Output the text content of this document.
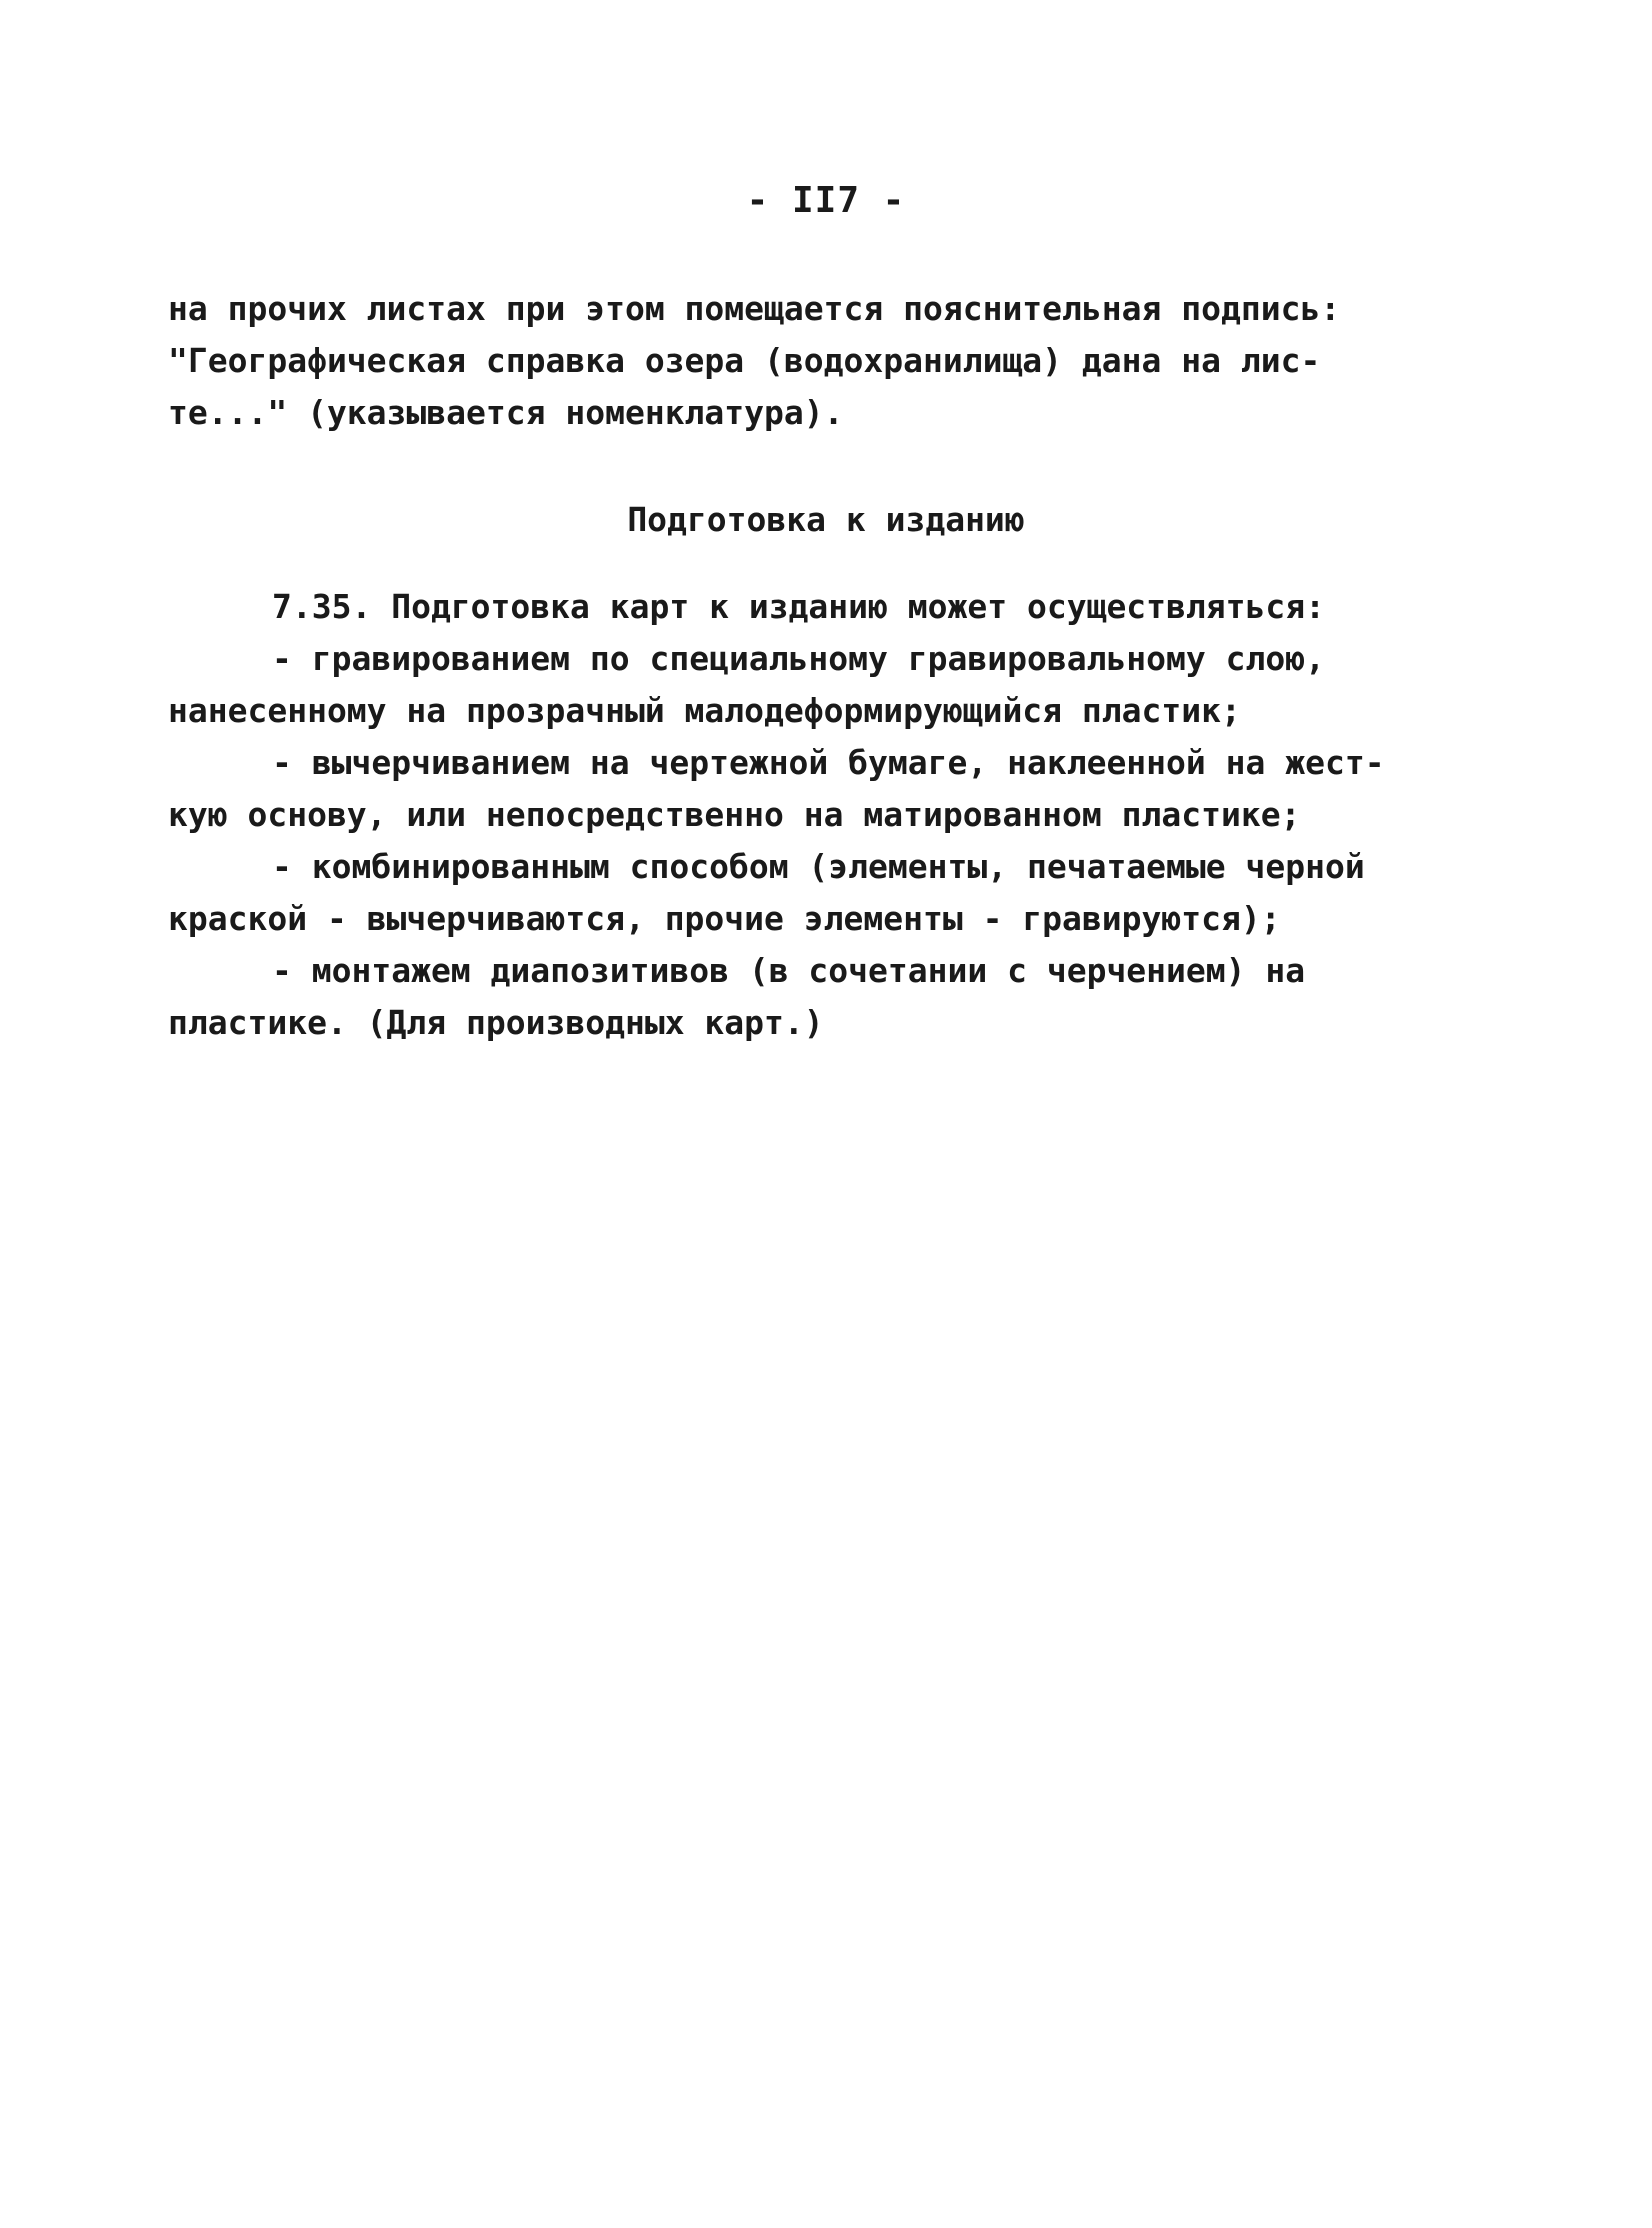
- II7 -
на прочих листах при этом помещается пояснительная подпись:
"Географическая справка озера (водохранилища) дана на лис-
те..." (указывается номенклатура).
Подготовка к изданию
7.35. Подготовка карт к изданию может осуществляться:
- гравированием по специальному гравировальному слою,
нанесенному на прозрачный малодеформирующийся пластик;
- вычерчиванием на чертежной бумаге, наклеенной на жест-
кую основу, или непосредственно на матированном пластике;
- комбинированным способом (элементы, печатаемые черной
краской - вычерчиваются, прочие элементы - гравируются);
- монтажем диапозитивов (в сочетании с черчением) на
пластике. (Для производных карт.)
